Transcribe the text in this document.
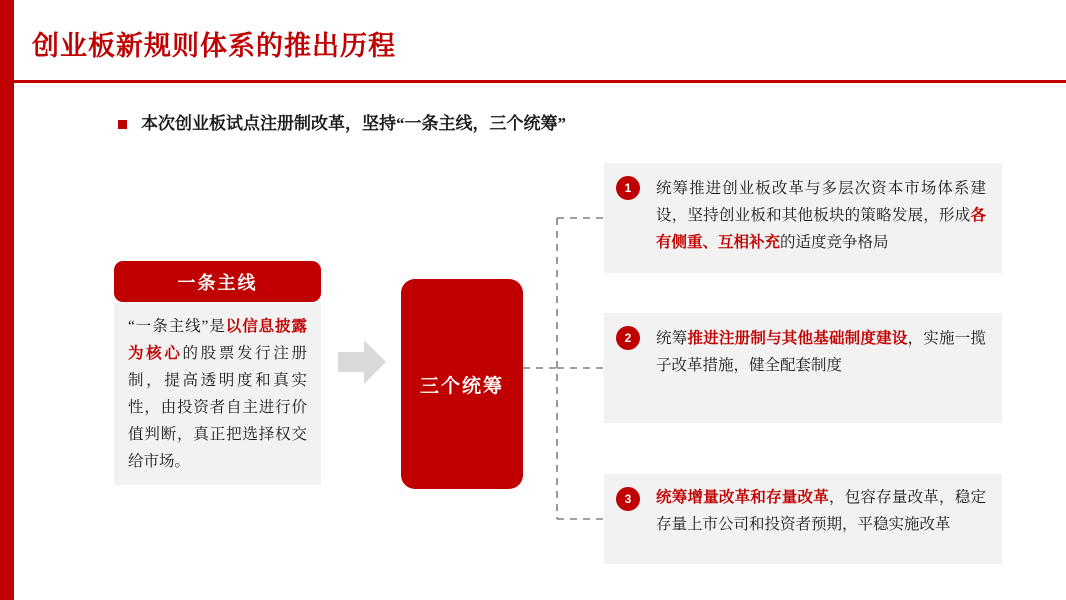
创业板新规则体系的推出历程
本次创业板试点注册制改革，坚持“一条主线，三个统筹”
一条主线
“一条主线”是以信息披露为核心的股票发行注册制，提高透明度和真实性，由投资者自主进行价值判断，真正把选择权交给市场。
三个统筹
1	统筹推进创业板改革与多层次资本市场体系建设，坚持创业板和其他板块的策略发展，形成各有侧重、互相补充的适度竞争格局
2	统筹推进注册制与其他基础制度建设，实施一揽子改革措施，健全配套制度
3	统筹增量改革和存量改革，包容存量改革，稳定存量上市公司和投资者预期，平稳实施改革
